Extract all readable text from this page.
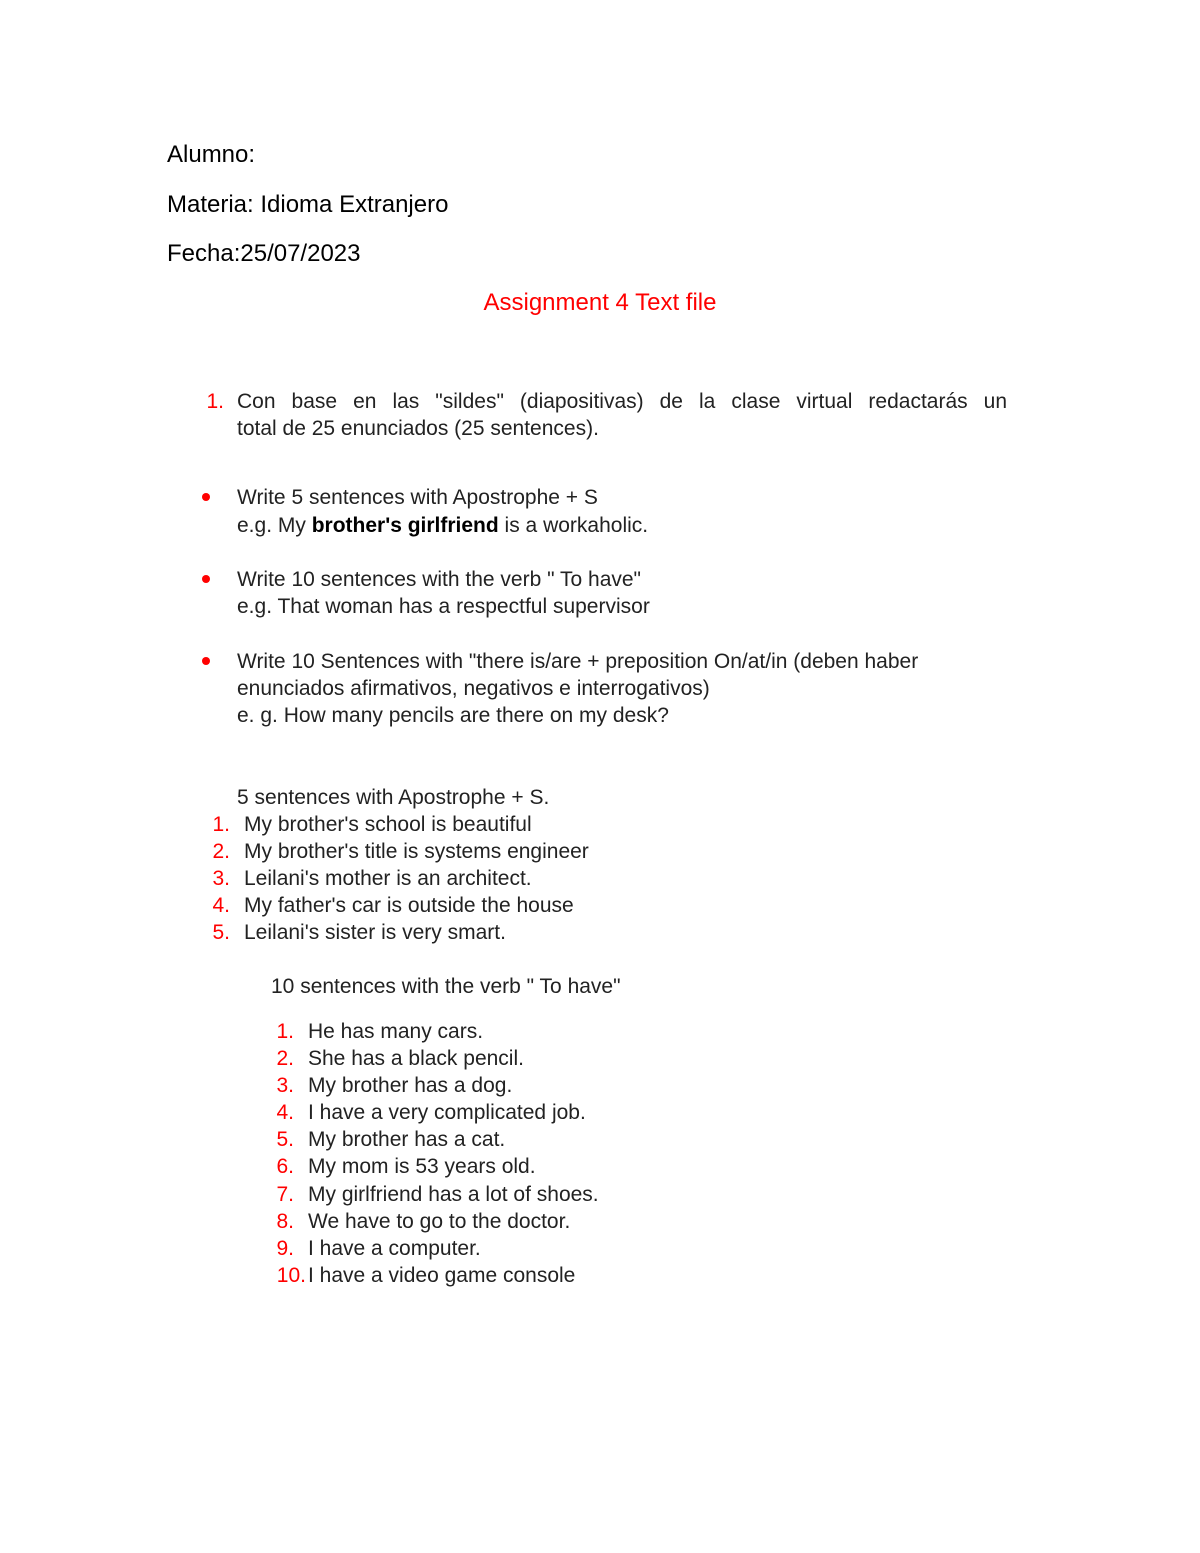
Alumno:
Materia: Idioma Extranjero
Fecha:25/07/2023
Assignment 4 Text file
1. Con base en las "sildes" (diapositivas) de la clase virtual redactarás un
total de 25 enunciados (25 sentences).
Write 5 sentences with Apostrophe + S
e.g. My brother's girlfriend is a workaholic.
Write 10 sentences with the verb " To have"
e.g. That woman has a respectful supervisor
Write 10 Sentences with "there is/are + preposition On/at/in (deben haber
enunciados afirmativos, negativos e interrogativos)
e. g. How many pencils are there on my desk?
5 sentences with Apostrophe + S.
1. My brother's school is beautiful
2. My brother's title is systems engineer
3. Leilani's mother is an architect.
4. My father's car is outside the house
5. Leilani's sister is very smart.
10 sentences with the verb " To have"
1. He has many cars.
2. She has a black pencil.
3. My brother has a dog.
4. I have a very complicated job.
5. My brother has a cat.
6. My mom is 53 years old.
7. My girlfriend has a lot of shoes.
8. We have to go to the doctor.
9. I have a computer.
10. I have a video game console
